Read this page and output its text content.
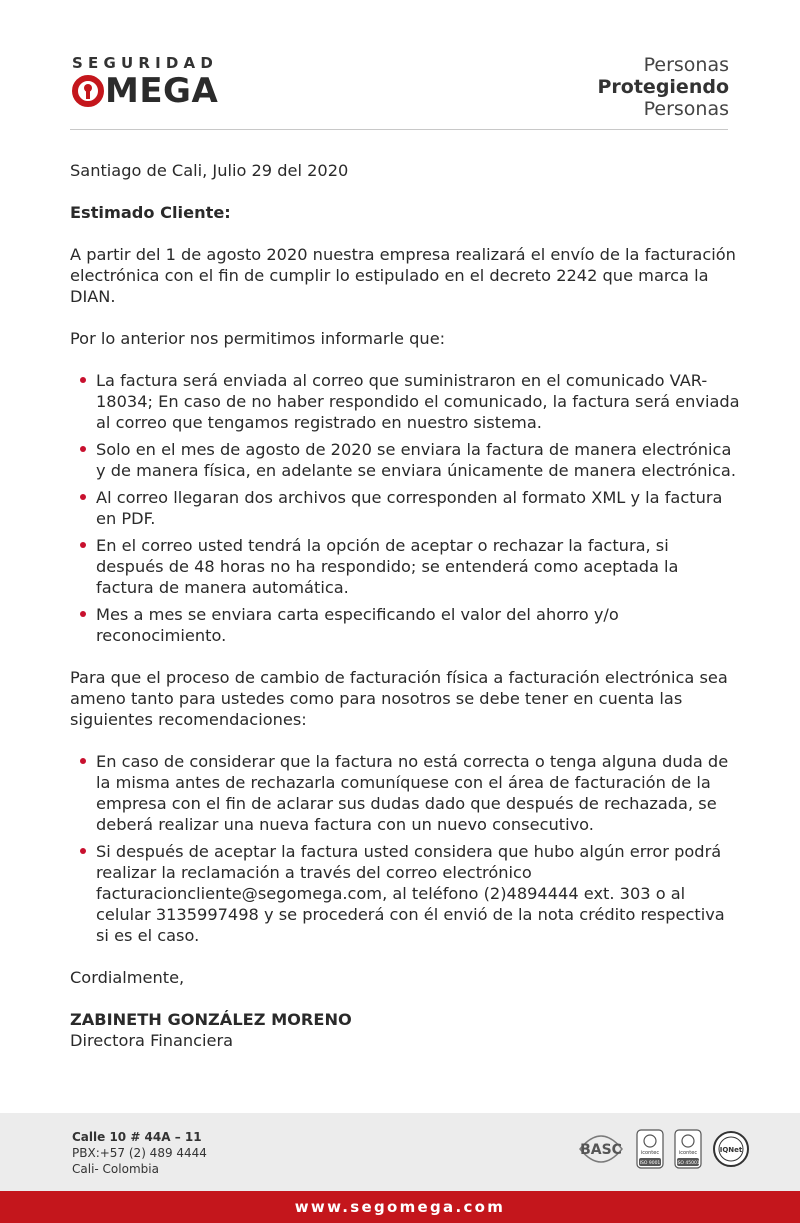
SEGURIDAD
MEGA
Personas
Protegiendo
Personas
Santiago de Cali, Julio 29 del 2020
Estimado Cliente:
A partir del 1 de agosto 2020 nuestra empresa realizará el envío de la facturación electrónica con el fin de cumplir lo estipulado en el decreto 2242 que marca la DIAN.
Por lo anterior nos permitimos informarle que:
La factura será enviada al correo que suministraron en el comunicado VAR-18034; En caso de no haber respondido el comunicado, la factura será enviada al correo que tengamos registrado en nuestro sistema.
Solo en el mes de agosto de 2020 se enviara la factura de manera electrónica y de manera física, en adelante se enviara únicamente de manera electrónica.
Al correo llegaran dos archivos que corresponden al formato XML y la factura en PDF.
En el correo usted tendrá la opción de aceptar o rechazar la factura, si después de 48 horas no ha respondido; se entenderá como aceptada la factura de manera automática.
Mes a mes se enviara carta especificando el valor del ahorro y/o reconocimiento.
Para que el proceso de cambio de facturación física a facturación electrónica sea ameno tanto para ustedes como para nosotros se debe tener en cuenta las siguientes recomendaciones:
En caso de considerar que la factura no está correcta o tenga alguna duda de la misma antes de rechazarla comuníquese con el área de facturación de la empresa con el fin de aclarar sus dudas dado que después de rechazada, se deberá realizar una nueva factura con un nuevo consecutivo.
Si después de aceptar la factura usted considera que hubo algún error podrá realizar la reclamación a través del correo electrónico facturacioncliente@segomega.com, al teléfono (2)4894444 ext. 303 o al celular 3135997498 y se procederá con él envió de la nota crédito respectiva si es el caso.
Cordialmente,
ZABINETH GONZÁLEZ MORENO
Directora Financiera
Calle 10 # 44A – 11
PBX:+57 (2) 489 4444
Cali- Colombia
BASC	icontec
ISO 9001
icontec
ISO 45001
IQNet
www.segomega.com
